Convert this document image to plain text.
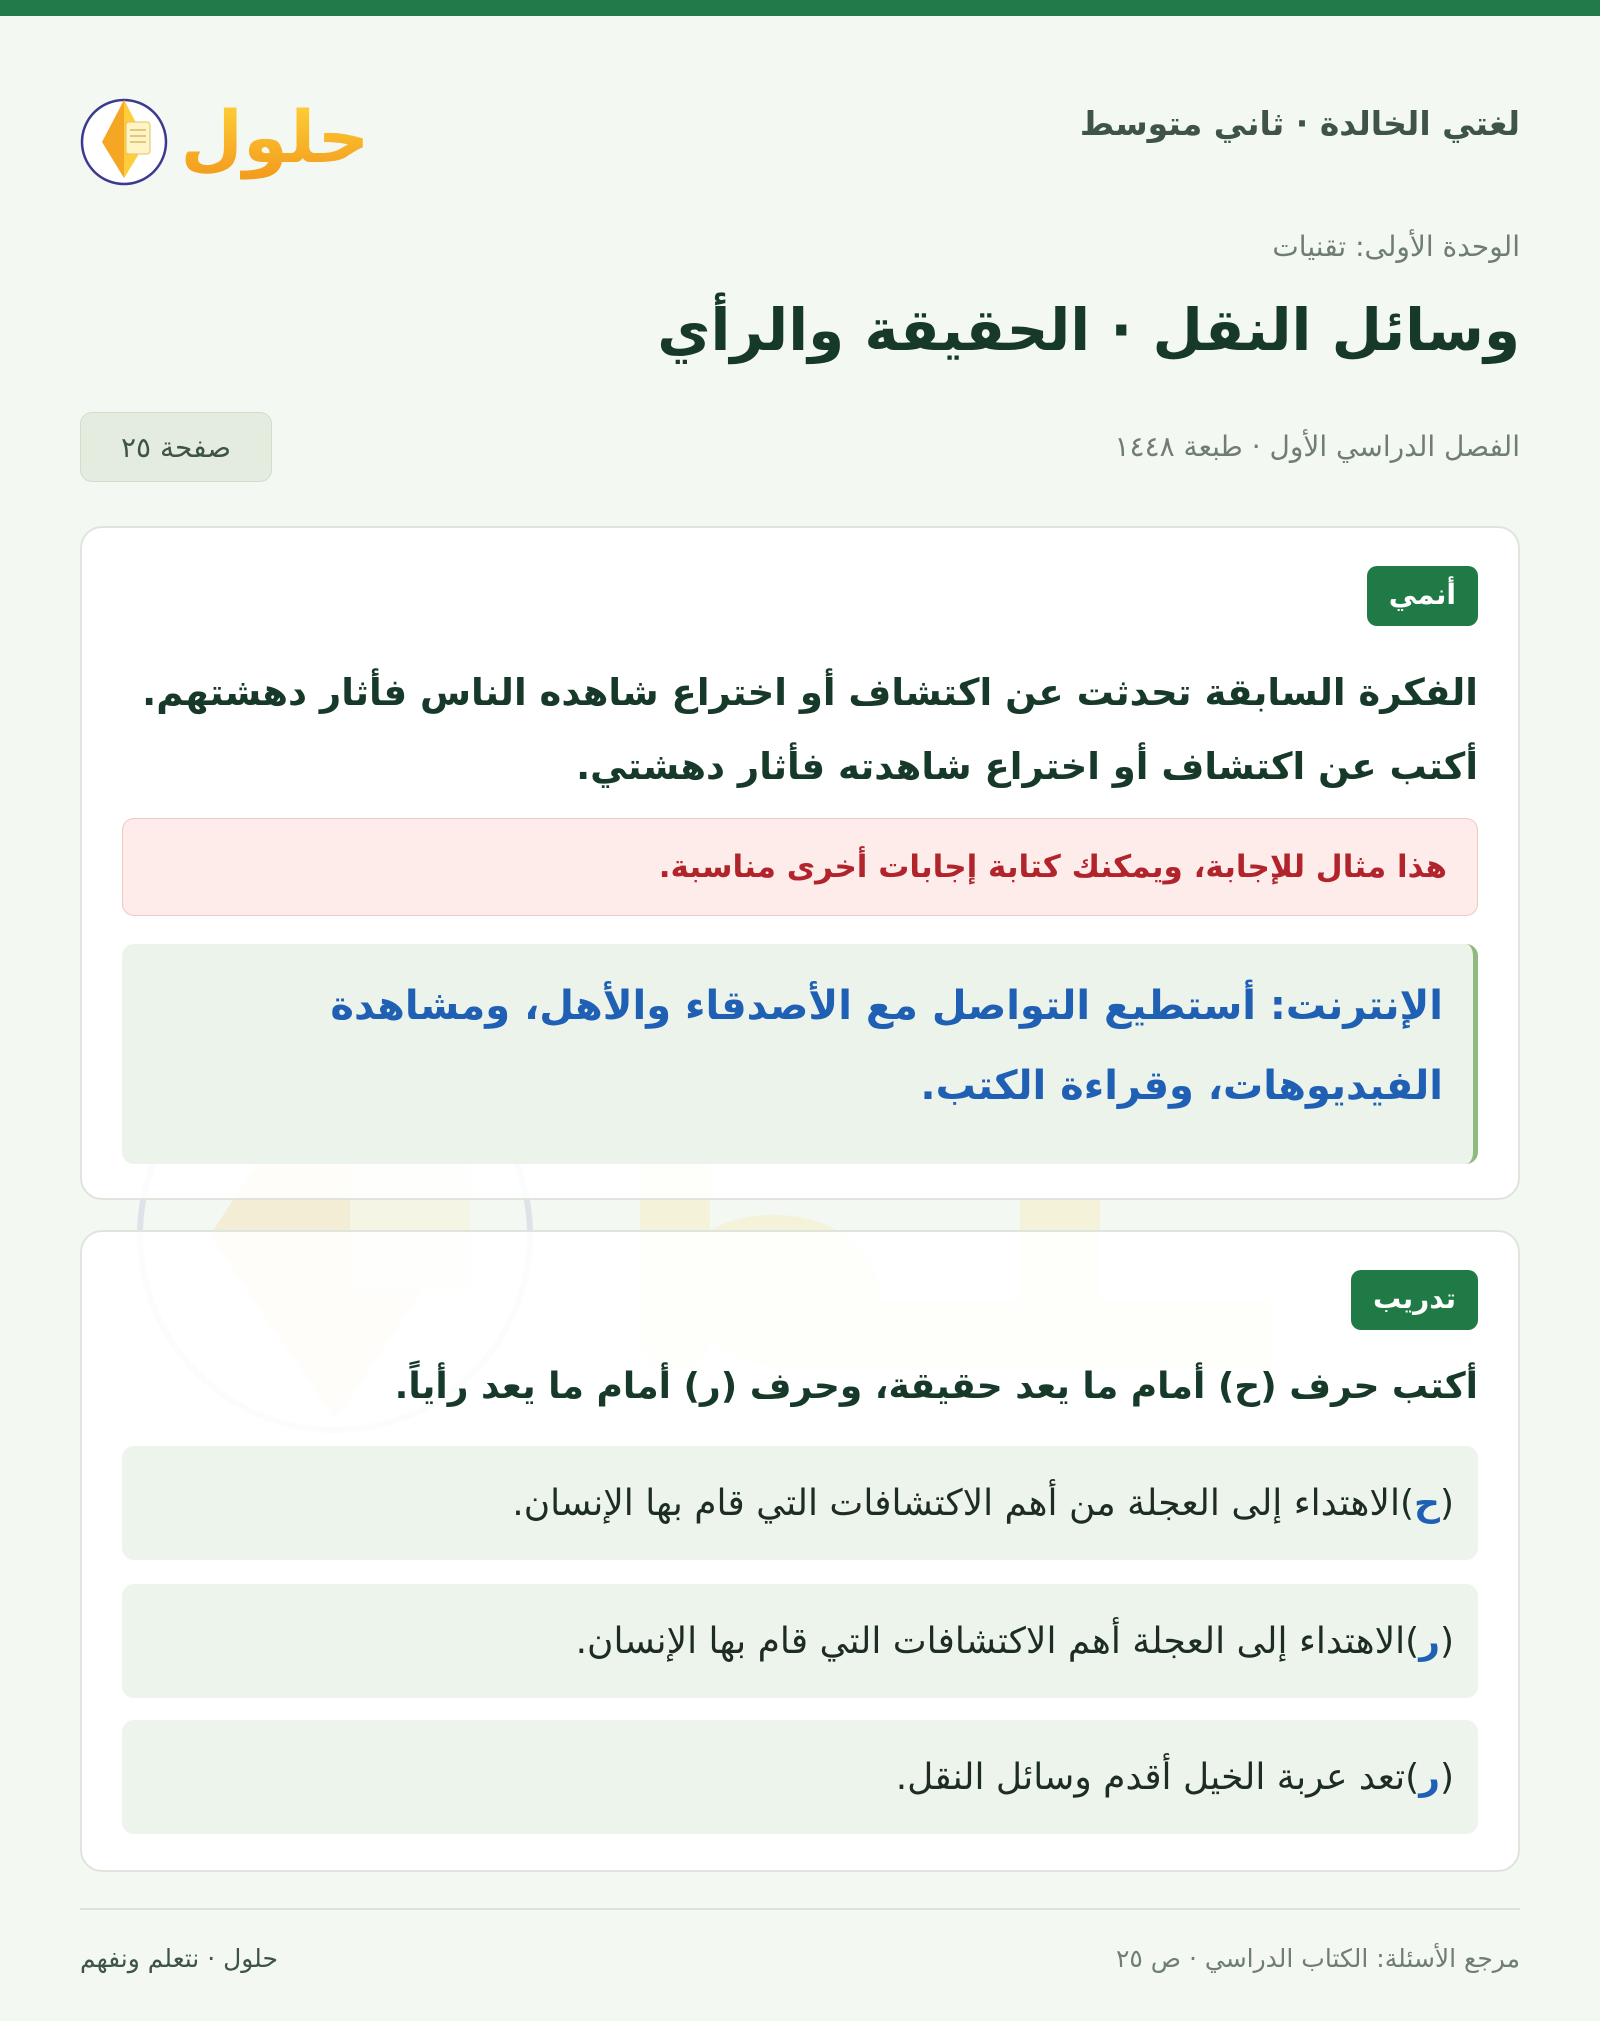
لغتي الخالدة · ثاني متوسط
حلول
الوحدة الأولى: تقنيات
وسائل النقل · الحقيقة والرأي
الفصل الدراسي الأول · طبعة ١٤٤٨
صفحة ٢٥
أنمي

الفكرة السابقة تحدثت عن اكتشاف أو اختراع شاهده الناس فأثار دهشتهم. أكتب عن اكتشاف أو اختراع شاهدته فأثار دهشتي.

هذا مثال للإجابة، ويمكنك كتابة إجابات أخرى مناسبة.
الإنترنت: أستطيع التواصل مع الأصدقاء والأهل، ومشاهدة الفيديوهات، وقراءة الكتب.
تدريب

أكتب حرف (ح) أمام ما يعد حقيقة، وحرف (ر) أمام ما يعد رأياً.

(
ح
)
الاهتداء إلى العجلة من أهم الاكتشافات التي قام بها الإنسان.
(
ر
)
الاهتداء إلى العجلة أهم الاكتشافات التي قام بها الإنسان.
(
ر
)
تعد عربة الخيل أقدم وسائل النقل.
مرجع الأسئلة: الكتاب الدراسي · ص ٢٥
حلول · نتعلم ونفهم
